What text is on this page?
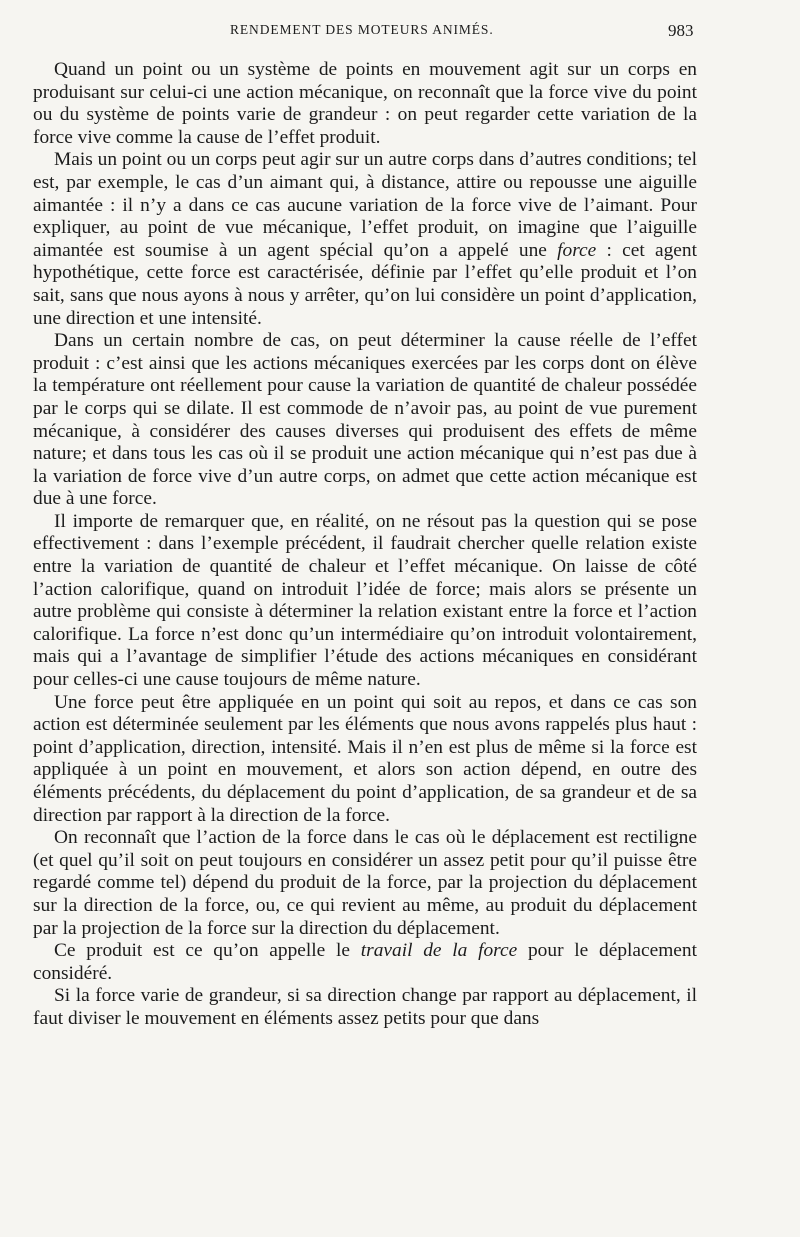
RENDEMENT DES MOTEURS ANIMÉS.	983

Quand un point ou un système de points en mouvement agit sur un corps en produisant sur celui-ci une action mécanique, on reconnaît que la force vive du point ou du système de points varie de grandeur : on peut regarder cette variation de la force vive comme la cause de l’effet produit.

Mais un point ou un corps peut agir sur un autre corps dans d’autres conditions; tel est, par exemple, le cas d’un aimant qui, à distance, attire ou repousse une aiguille aimantée : il n’y a dans ce cas aucune variation de la force vive de l’aimant. Pour expliquer, au point de vue mécanique, l’effet produit, on imagine que l’aiguille aimantée est soumise à un agent spécial qu’on a appelé une force : cet agent hypothétique, cette force est caractérisée, définie par l’effet qu’elle produit et l’on sait, sans que nous ayons à nous y arrêter, qu’on lui considère un point d’application, une direction et une intensité.

Dans un certain nombre de cas, on peut déterminer la cause réelle de l’effet produit : c’est ainsi que les actions mécaniques exercées par les corps dont on élève la température ont réellement pour cause la variation de quantité de chaleur possédée par le corps qui se dilate. Il est commode de n’avoir pas, au point de vue purement mécanique, à considérer des causes diverses qui produisent des effets de même nature; et dans tous les cas où il se produit une action mécanique qui n’est pas due à la variation de force vive d’un autre corps, on admet que cette action mécanique est due à une force.

Il importe de remarquer que, en réalité, on ne résout pas la question qui se pose effectivement : dans l’exemple précédent, il faudrait chercher quelle relation existe entre la variation de quantité de chaleur et l’effet mécanique. On laisse de côté l’action calorifique, quand on introduit l’idée de force; mais alors se présente un autre problème qui consiste à déterminer la relation existant entre la force et l’action calorifique. La force n’est donc qu’un intermédiaire qu’on introduit volontairement, mais qui a l’avantage de simplifier l’étude des actions mécaniques en considérant pour celles-ci une cause toujours de même nature.

Une force peut être appliquée en un point qui soit au repos, et dans ce cas son action est déterminée seulement par les éléments que nous avons rappelés plus haut : point d’application, direction, intensité. Mais il n’en est plus de même si la force est appliquée à un point en mouvement, et alors son action dépend, en outre des éléments précédents, du déplacement du point d’application, de sa grandeur et de sa direction par rapport à la direction de la force.

On reconnaît que l’action de la force dans le cas où le déplacement est rectiligne (et quel qu’il soit on peut toujours en considérer un assez petit pour qu’il puisse être regardé comme tel) dépend du produit de la force, par la projection du déplacement sur la direction de la force, ou, ce qui revient au même, au produit du déplacement par la projection de la force sur la direction du déplacement.

Ce produit est ce qu’on appelle le travail de la force pour le déplacement considéré.

Si la force varie de grandeur, si sa direction change par rapport au déplacement, il faut diviser le mouvement en éléments assez petits pour que dans
